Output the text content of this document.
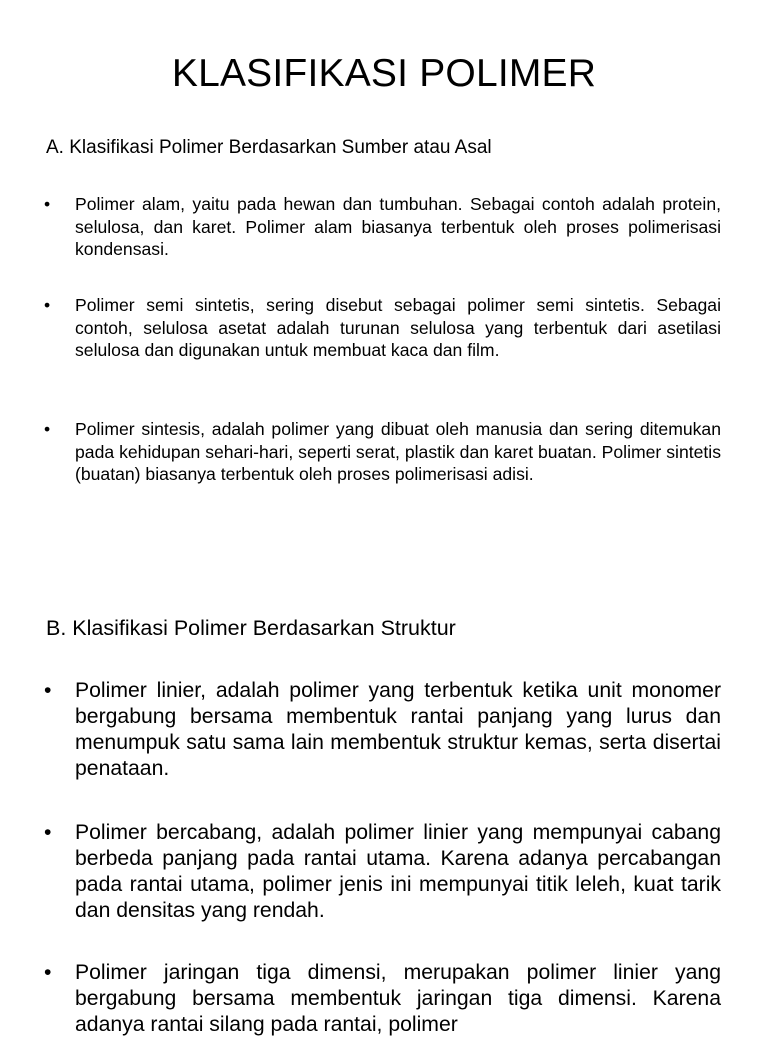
KLASIFIKASI POLIMER
A. Klasifikasi Polimer Berdasarkan Sumber atau Asal
• Polimer alam, yaitu pada hewan dan tumbuhan. Sebagai contoh adalah protein, selulosa, dan karet. Polimer alam biasanya terbentuk oleh proses polimerisasi kondensasi.
• Polimer semi sintetis, sering disebut sebagai polimer semi sintetis. Sebagai contoh, selulosa asetat adalah turunan selulosa yang terbentuk dari asetilasi selulosa dan digunakan untuk membuat kaca dan film.
• Polimer sintesis, adalah polimer yang dibuat oleh manusia dan sering ditemukan pada kehidupan sehari-hari, seperti serat, plastik dan karet buatan. Polimer sintetis (buatan) biasanya terbentuk oleh proses polimerisasi adisi.
B. Klasifikasi Polimer Berdasarkan Struktur
• Polimer linier, adalah polimer yang terbentuk ketika unit monomer bergabung bersama membentuk rantai panjang yang lurus dan menumpuk satu sama lain membentuk struktur kemas, serta disertai penataan.
• Polimer bercabang, adalah polimer linier yang mempunyai cabang berbeda panjang pada rantai utama. Karena adanya percabangan pada rantai utama, polimer jenis ini mempunyai titik leleh, kuat tarik dan densitas yang rendah.
• Polimer jaringan tiga dimensi, merupakan polimer linier yang bergabung bersama membentuk jaringan tiga dimensi. Karena adanya rantai silang pada rantai, polimer
